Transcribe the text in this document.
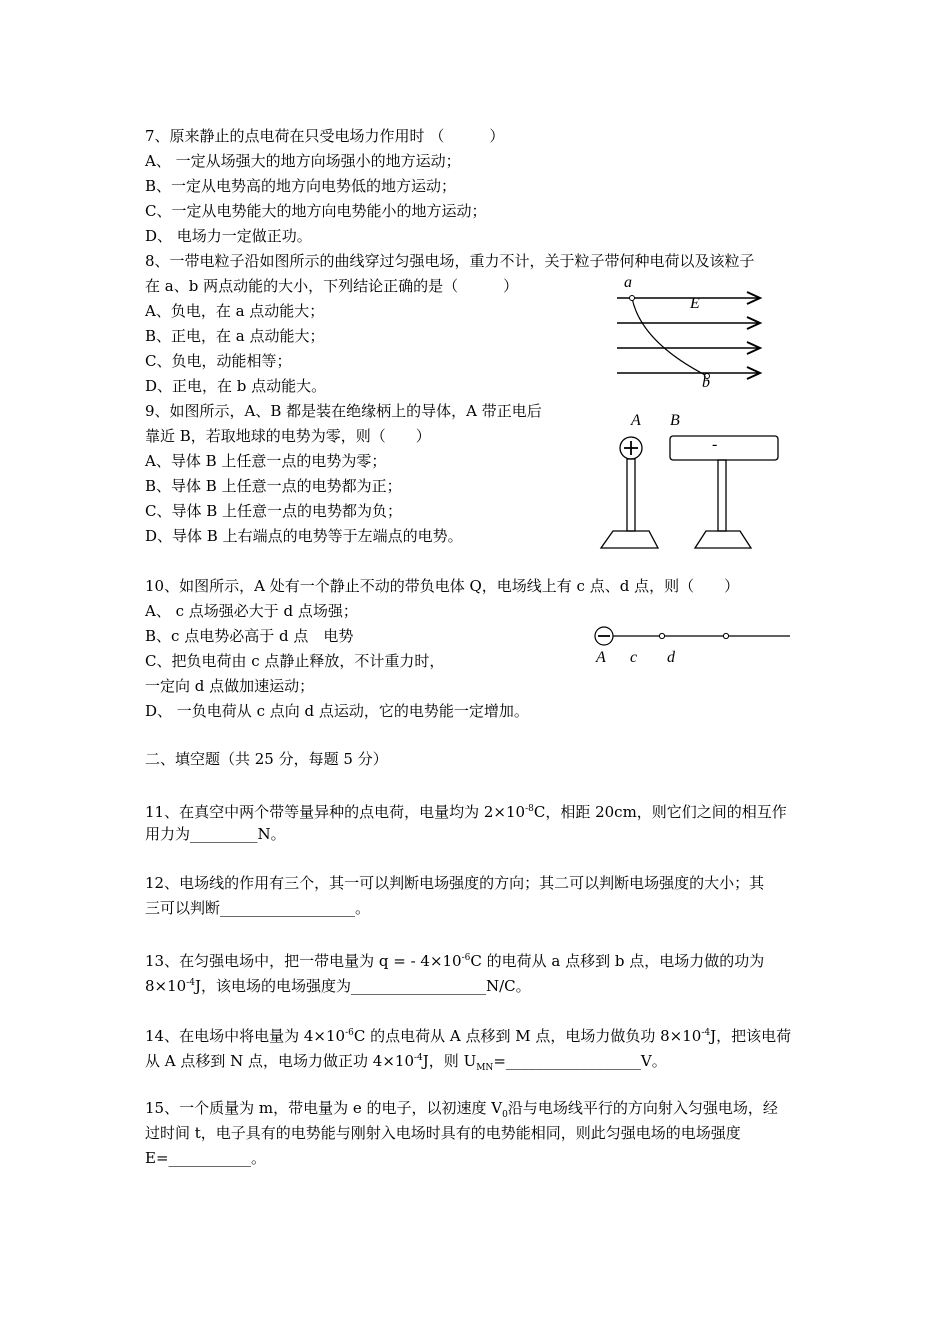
7、原来静止的点电荷在只受电场力作用时 （　　　）
A、 一定从场强大的地方向场强小的地方运动；
B、一定从电势高的地方向电势低的地方运动；
C、一定从电势能大的地方向电势能小的地方运动；
D、 电场力一定做正功。
8、一带电粒子沿如图所示的曲线穿过匀强电场，重力不计，关于粒子带何种电荷以及该粒子
在 a、b 两点动能的大小，下列结论正确的是（　　　）
A、负电，在 a 点动能大；
B、正电，在 a 点动能大；
C、负电，动能相等；
D、正电，在 b 点动能大。
a
E
b
9、如图所示，A、B 都是装在绝缘柄上的导体，A 带正电后
靠近 B，若取地球的电势为零，则（　　）
A、导体 B 上任意一点的电势为零；
B、导体 B 上任意一点的电势都为正；
C、导体 B 上任意一点的电势都为负；
D、导体 B 上右端点的电势等于左端点的电势。
A B
-
10、如图所示，A 处有一个静止不动的带负电体 Q，电场线上有 c 点、d 点，则（　　）
A、 c 点场强必大于 d 点场强；
B、c 点电势必高于 d 点　电势
C、把负电荷由 c 点静止释放，不计重力时，
一定向 d 点做加速运动；
D、 一负电荷从 c 点向 d 点运动，它的电势能一定增加。
A c d
二、填空题（共 25 分，每题 5 分）
11、在真空中两个带等量异种的点电荷，电量均为 $2\times 10^{-8}C$，相距 20cm，则它们之间的相互作
用力为_________N。
12、电场线的作用有三个，其一可以判断电场强度的方向；其二可以判断电场强度的大小；其
三可以判断__________________。
13、在匀强电场中，把一带电量为 q = - $4\times 10^{-6}C$ 的电荷从 a 点移到 b 点，电场力做的功为
$8\times 10^{-4}J$，该电场的电场强度为__________________N/C。
14、在电场中将电量为 $4\times 10^{-6}C$ 的点电荷从 A 点移到 M 点，电场力做负功 $8\times 10^{-4}J$，把该电荷
从 A 点移到 N 点，电场力做正功 $4\times 10^{-4}J$，则 $U_{MN}=\_\_\_\_\_\_\_\_\_\_\_\_\_\_\_\_\_\_V$。
15、一个质量为 m，带电量为 e 的电子，以初速度 $V_0$沿与电场线平行的方向射入匀强电场，经
过时间 t，电子具有的电势能与刚射入电场时具有的电势能相同，则此匀强电场的电场强度
E=___________。
